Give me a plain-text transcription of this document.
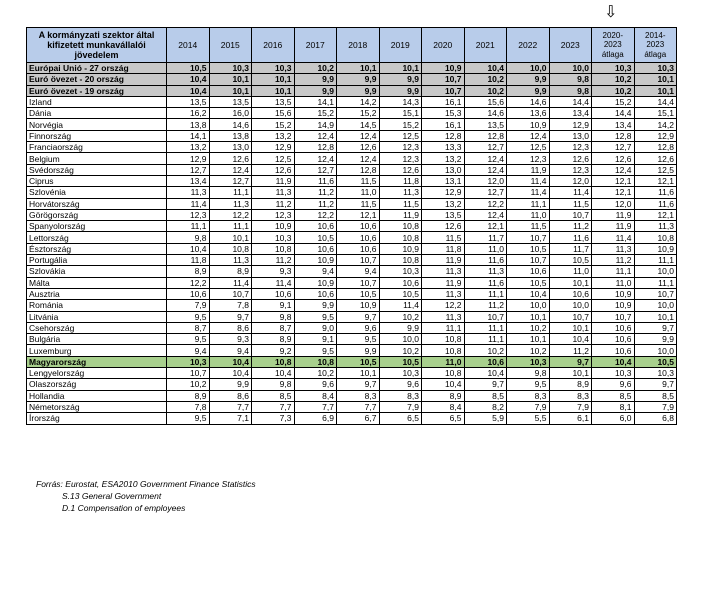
⇩
A kormányzati szektor által kifizetett munkavállalói jövedelem	2014	2015	2016	2017	2018	2019	2020	2021	2022	2023	2020-2023 átlaga	2014-2023 átlaga
Európai Unió - 27 ország	10,5	10,3	10,3	10,2	10,1	10,1	10,9	10,4	10,0	10,0	10,3	10,3
Euró övezet - 20 ország	10,4	10,1	10,1	9,9	9,9	9,9	10,7	10,2	9,9	9,8	10,2	10,1
Euró övezet - 19 ország	10,4	10,1	10,1	9,9	9,9	9,9	10,7	10,2	9,9	9,8	10,2	10,1
Izland	13,5	13,5	13,5	14,1	14,2	14,3	16,1	15,6	14,6	14,4	15,2	14,4
Dánia	16,2	16,0	15,6	15,2	15,2	15,1	15,3	14,6	13,6	13,4	14,4	15,1
Norvégia	13,8	14,6	15,2	14,9	14,5	15,2	16,1	13,5	10,9	12,9	13,4	14,2
Finnország	14,1	13,8	13,2	12,4	12,4	12,5	12,8	12,8	12,4	13,0	12,8	12,9
Franciaország	13,2	13,0	12,9	12,8	12,6	12,3	13,3	12,7	12,5	12,3	12,7	12,8
Belgium	12,9	12,6	12,5	12,4	12,4	12,3	13,2	12,4	12,3	12,6	12,6	12,6
Svédország	12,7	12,4	12,6	12,7	12,8	12,6	13,0	12,4	11,9	12,3	12,4	12,5
Ciprus	13,4	12,7	11,9	11,6	11,5	11,8	13,1	12,0	11,4	12,0	12,1	12,1
Szlovénia	11,3	11,1	11,3	11,2	11,0	11,3	12,9	12,7	11,4	11,4	12,1	11,6
Horvátország	11,4	11,3	11,2	11,2	11,5	11,5	13,2	12,2	11,1	11,5	12,0	11,6
Görögország	12,3	12,2	12,3	12,2	12,1	11,9	13,5	12,4	11,0	10,7	11,9	12,1
Spanyolország	11,1	11,1	10,9	10,6	10,6	10,8	12,6	12,1	11,5	11,2	11,9	11,3
Lettország	9,8	10,1	10,3	10,5	10,6	10,8	11,5	11,7	10,7	11,6	11,4	10,8
Észtország	10,4	10,8	10,8	10,6	10,6	10,9	11,8	11,0	10,5	11,7	11,3	10,9
Portugália	11,8	11,3	11,2	10,9	10,7	10,8	11,9	11,6	10,7	10,5	11,2	11,1
Szlovákia	8,9	8,9	9,3	9,4	9,4	10,3	11,3	11,3	10,6	11,0	11,1	10,0
Málta	12,2	11,4	11,4	10,9	10,7	10,6	11,9	11,6	10,5	10,1	11,0	11,1
Ausztria	10,6	10,7	10,6	10,6	10,5	10,5	11,3	11,1	10,4	10,6	10,9	10,7
Románia	7,9	7,8	9,1	9,9	10,9	11,4	12,2	11,2	10,0	10,0	10,9	10,0
Litvánia	9,5	9,7	9,8	9,5	9,7	10,2	11,3	10,7	10,1	10,7	10,7	10,1
Csehország	8,7	8,6	8,7	9,0	9,6	9,9	11,1	11,1	10,2	10,1	10,6	9,7
Bulgária	9,5	9,3	8,9	9,1	9,5	10,0	10,8	11,1	10,1	10,4	10,6	9,9
Luxemburg	9,4	9,4	9,2	9,5	9,9	10,2	10,8	10,2	10,2	11,2	10,6	10,0
Magyarország	10,3	10,4	10,8	10,8	10,5	10,5	11,0	10,6	10,3	9,7	10,4	10,5
Lengyelország	10,7	10,4	10,4	10,2	10,1	10,3	10,8	10,4	9,8	10,1	10,3	10,3
Olaszország	10,2	9,9	9,8	9,6	9,7	9,6	10,4	9,7	9,5	8,9	9,6	9,7
Hollandia	8,9	8,6	8,5	8,4	8,3	8,3	8,9	8,5	8,3	8,3	8,5	8,5
Németország	7,8	7,7	7,7	7,7	7,7	7,9	8,4	8,2	7,9	7,9	8,1	7,9
Írország	9,5	7,1	7,3	6,9	6,7	6,5	6,5	5,9	5,5	6,1	6,0	6,8
Forrás: Eurostat, ESA2010 Government Finance Statistics
S.13 General Government
D.1 Compensation of employees
